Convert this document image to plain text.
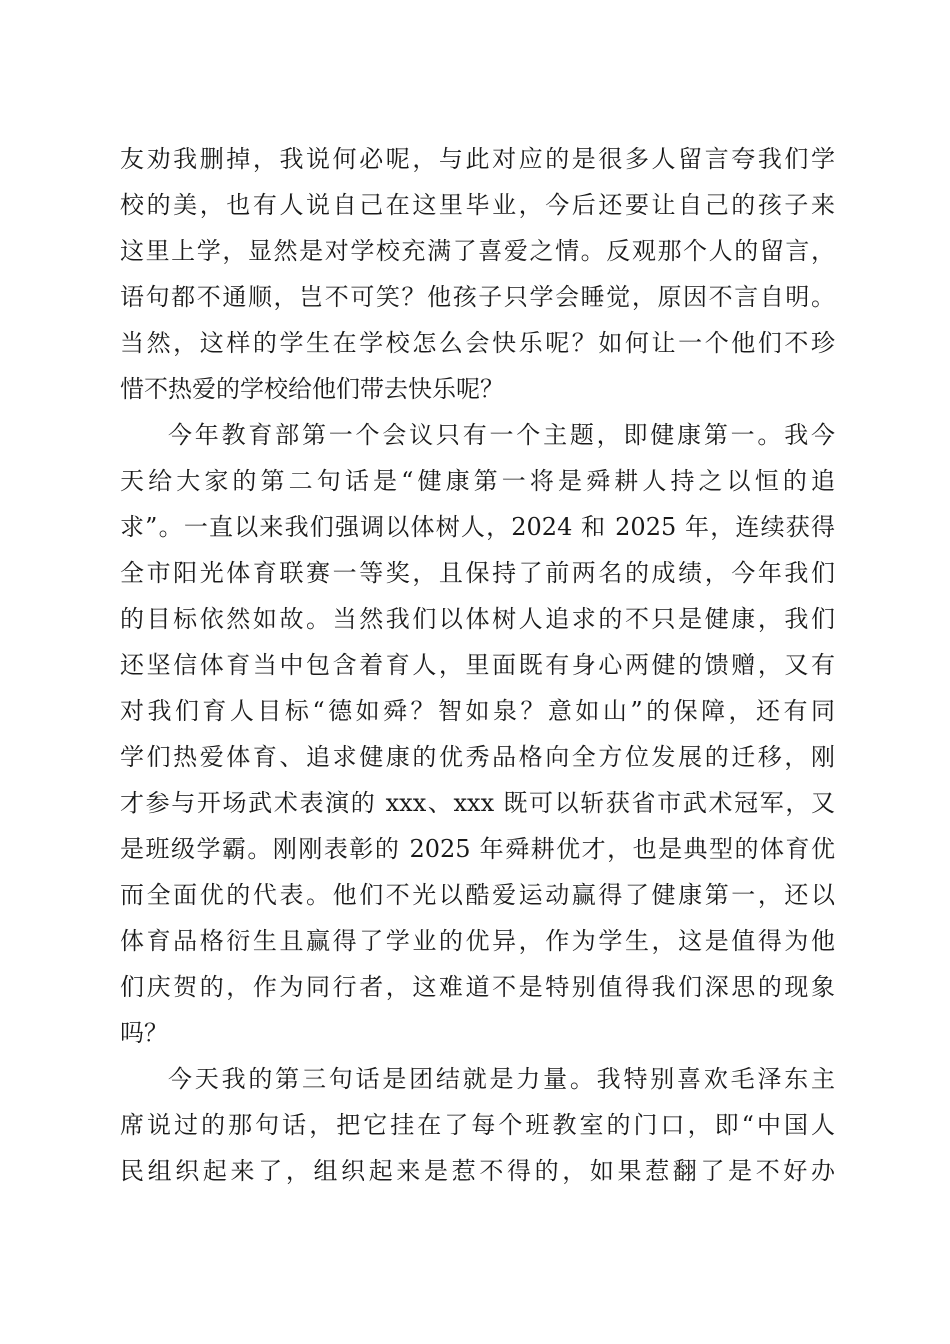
友劝我删掉，我说何必呢，与此对应的是很多人留言夸我们学
校的美，也有人说自己在这里毕业，今后还要让自己的孩子来
这里上学，显然是对学校充满了喜爱之情。反观那个人的留言，
语句都不通顺，岂不可笑？他孩子只学会睡觉，原因不言自明。
当然，这样的学生在学校怎么会快乐呢？如何让一个他们不珍
惜不热爱的学校给他们带去快乐呢？
今年教育部第一个会议只有一个主题，即健康第一。我今
天给大家的第二句话是“健康第一将是舜耕人持之以恒的追
求”。一直以来我们强调以体树人，2024 和 2025 年，连续获得
全市阳光体育联赛一等奖，且保持了前两名的成绩，今年我们
的目标依然如故。当然我们以体树人追求的不只是健康，我们
还坚信体育当中包含着育人，里面既有身心两健的馈赠，又有
对我们育人目标“德如舜？智如泉？意如山”的保障，还有同
学们热爱体育、追求健康的优秀品格向全方位发展的迁移，刚
才参与开场武术表演的 xxx、xxx 既可以斩获省市武术冠军，又
是班级学霸。刚刚表彰的 2025 年舜耕优才，也是典型的体育优
而全面优的代表。他们不光以酷爱运动赢得了健康第一，还以
体育品格衍生且赢得了学业的优异，作为学生，这是值得为他
们庆贺的，作为同行者，这难道不是特别值得我们深思的现象
吗？
今天我的第三句话是团结就是力量。我特别喜欢毛泽东主
席说过的那句话，把它挂在了每个班教室的门口，即“中国人
民组织起来了，组织起来是惹不得的，如果惹翻了是不好办
